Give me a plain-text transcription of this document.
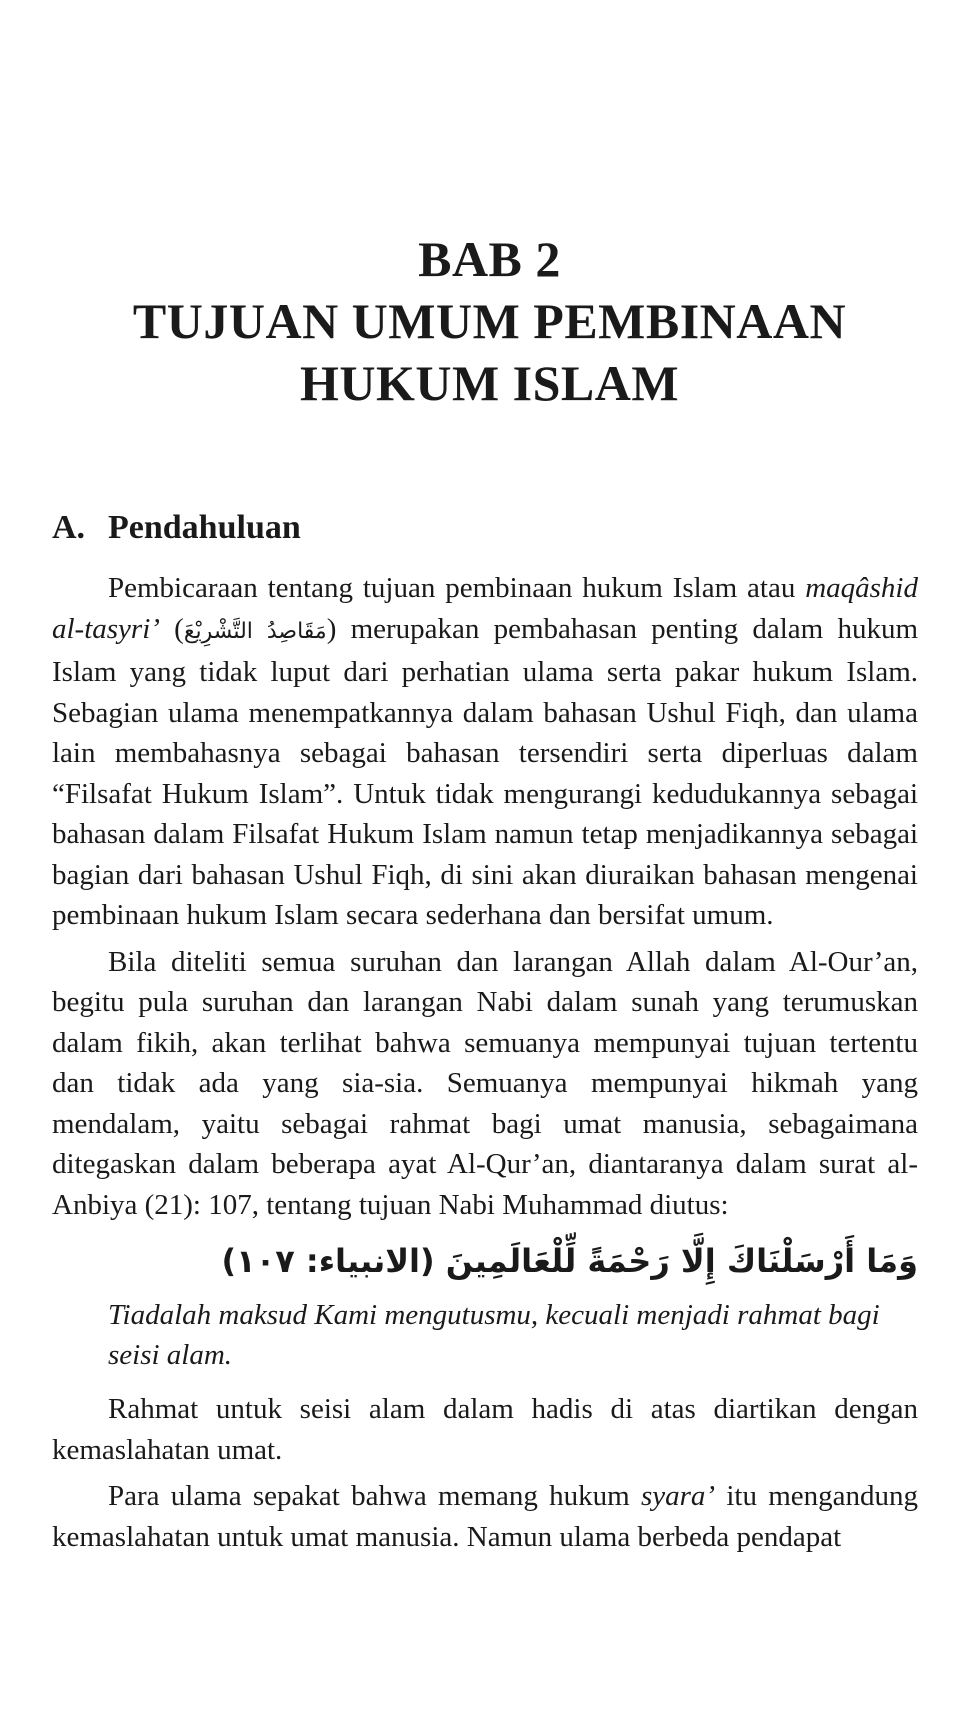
BAB 2
TUJUAN UMUM PEMBINAAN
HUKUM ISLAM
A. Pendahuluan

Pembicaraan tentang tujuan pembinaan hukum Islam atau maqâshid al-tasyri’ (مَقَاصِدُ التَّشْرِيْعَ) merupakan pembahasan penting dalam hukum Islam yang tidak luput dari perhatian ulama serta pakar hukum Islam. Sebagian ulama menempatkannya dalam bahasan Ushul Fiqh, dan ulama lain membahasnya sebagai bahasan tersendiri serta diperluas dalam “Filsafat Hukum Islam”. Untuk tidak mengurangi kedudukannya sebagai bahasan dalam Filsafat Hukum Islam namun tetap menjadikannya sebagai bagian dari bahasan Ushul Fiqh, di sini akan diuraikan bahasan mengenai pembinaan hukum Islam secara sederhana dan bersifat umum.

Bila diteliti semua suruhan dan larangan Allah dalam Al-Our’an, begitu pula suruhan dan larangan Nabi dalam sunah yang terumuskan dalam fikih, akan terlihat bahwa semuanya mempunyai tujuan tertentu dan tidak ada yang sia-sia. Semuanya mempunyai hikmah yang mendalam, yaitu sebagai rahmat bagi umat manusia, sebagaimana ditegaskan dalam beberapa ayat Al-Qur’an, diantaranya dalam surat al-Anbiya (21): 107, tentang tujuan Nabi Muhammad diutus:

وَمَا أَرْسَلْنَاكَ إِلَّا رَحْمَةً لِّلْعَالَمِينَ (الانبياء: ١٠٧)
Tiadalah maksud Kami mengutusmu, kecuali menjadi rahmat bagi seisi alam.

Rahmat untuk seisi alam dalam hadis di atas diartikan dengan kemaslahatan umat.

Para ulama sepakat bahwa memang hukum syara’ itu mengandung kemaslahatan untuk umat manusia. Namun ulama berbeda pendapat
